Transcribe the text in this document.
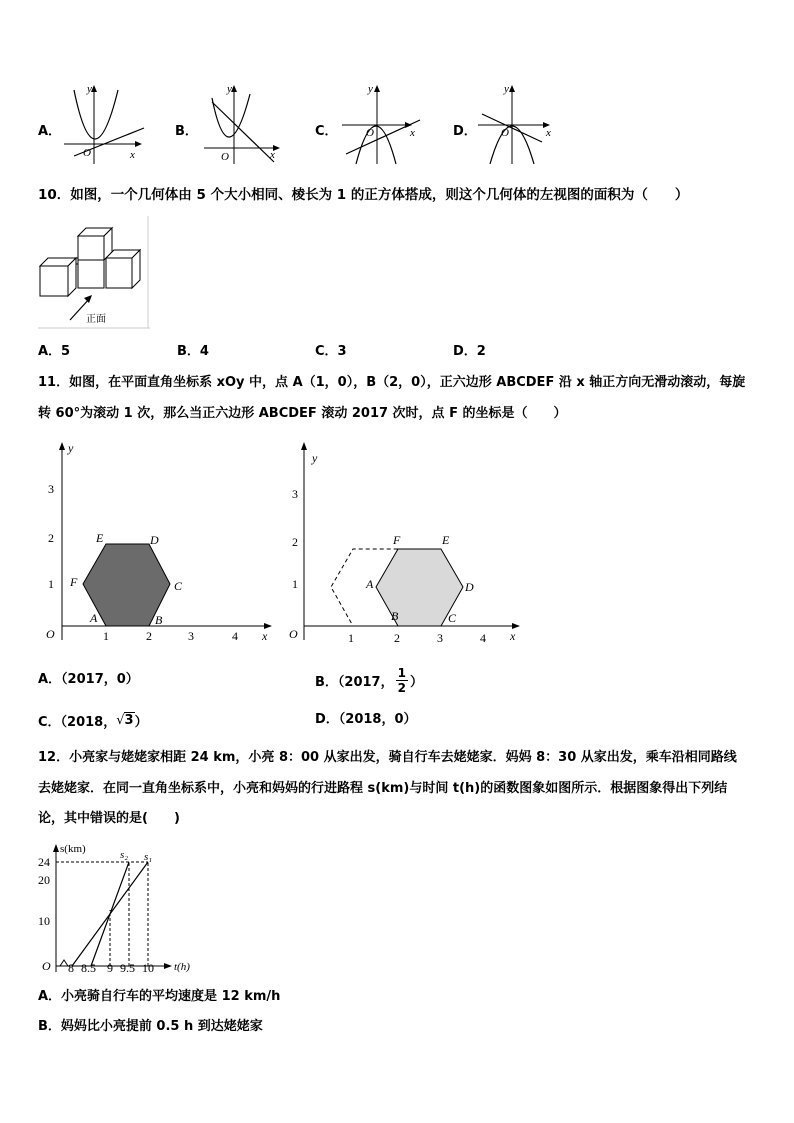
A．
y
x
O
B．
y
x
O
C．
y
x
O	D．
y
x
O
10．如图，一个几何体由 5 个大小相同、棱长为 1 的正方体搭成，则这个几何体的左视图的面积为（　　）
正面
A．5	B．4	C．3	D．2
11．如图，在平面直角坐标系 xOy 中，点 A（1，0），B（2，0），正六边形 ABCDEF 沿 x 轴正方向无滑动滚动，每旋
转 60°为滚动 1 次，那么当正六边形 ABCDEF 滚动 2017 次时，点 F 的坐标是（　　）
y
x
O	1	2	3	4
1
2
3
A	B
C
D
E
F
y
x
O	1	2	3	4
1
2
3
A
B	C
D
E
F
A．（2017，0）	B．（2017， $\frac{1}{2}$ ）
C．（2018， √ 3 ）	D．（2018，0）
12．小亮家与姥姥家相距 24 km，小亮 8：00 从家出发，骑自行车去姥姥家．妈妈 8：30 从家出发，乘车沿相同路线
去姥姥家．在同一直角坐标系中，小亮和妈妈的行进路程 s(km)与时间 t(h)的函数图象如图所示．根据图象得出下列结
论，其中错误的是(　　)
s(km)
t(h)
O
24
20
10
8 8.5 9 9.5 10
s₁
s₂
A．小亮骑自行车的平均速度是 12 km/h
B．妈妈比小亮提前 0.5 h 到达姥姥家
